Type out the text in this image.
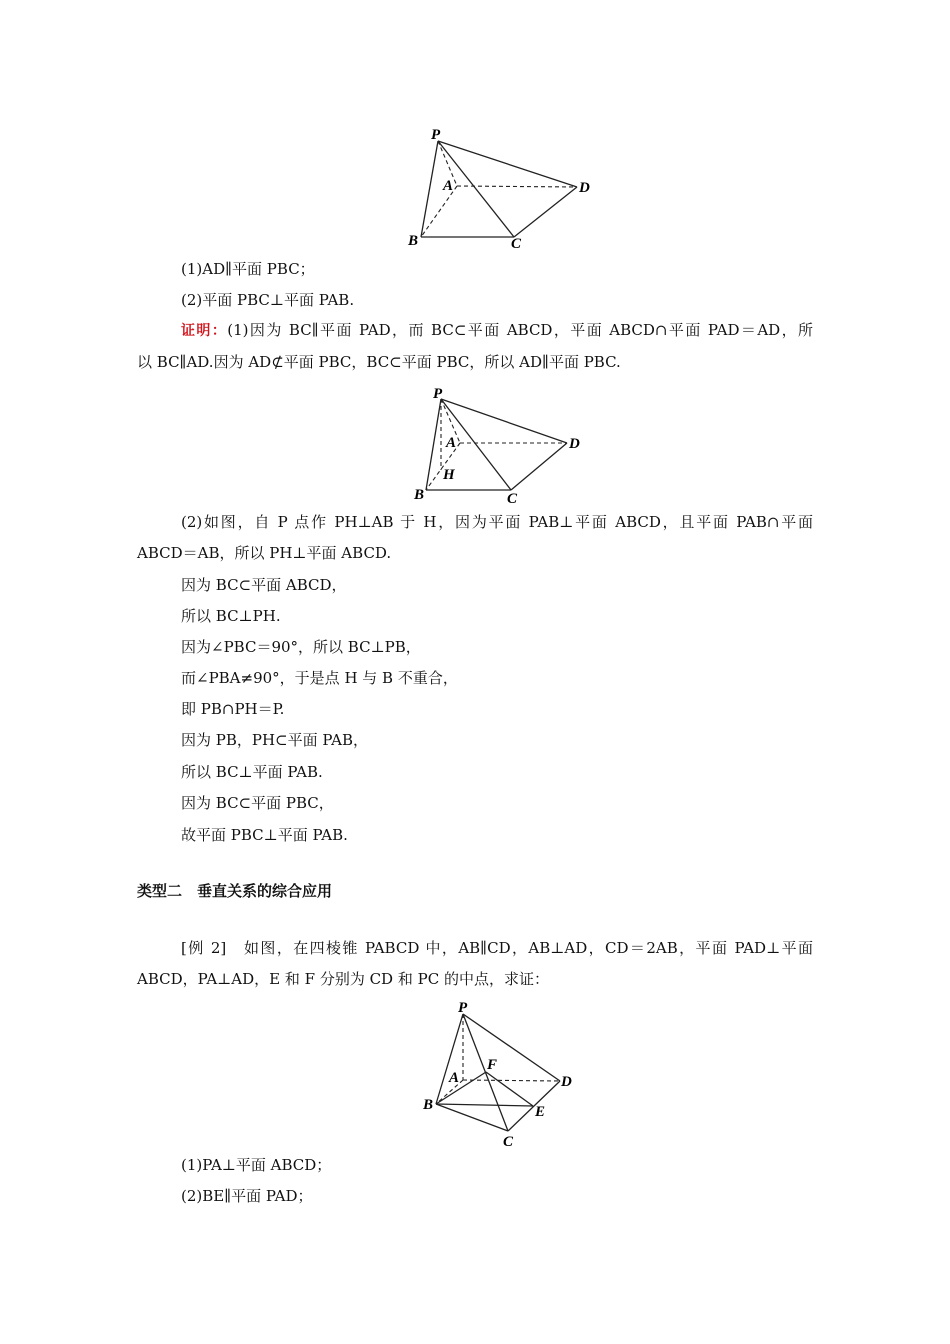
P
A	D
B	C
(1)AD∥平面 PBC；
(2)平面 PBC⊥平面 PAB.
证明：(1)因为 BC∥平面 PAD，而 BC⊂平面 ABCD，平面 ABCD∩平面 PAD＝AD，所
以 BC∥AD.因为 AD⊄平面 PBC，BC⊂平面 PBC，所以 AD∥平面 PBC.
P
A	D
H
B	C
(2)如图，自 P 点作 PH⊥AB 于 H，因为平面 PAB⊥平面 ABCD，且平面 PAB∩平面
ABCD＝AB，所以 PH⊥平面 ABCD.
因为 BC⊂平面 ABCD，
所以 BC⊥PH.
因为∠PBC＝90°，所以 BC⊥PB，
而∠PBA≠90°，于是点 H 与 B 不重合，
即 PB∩PH＝P.
因为 PB，PH⊂平面 PAB，
所以 BC⊥平面 PAB.
因为 BC⊂平面 PBC，
故平面 PBC⊥平面 PAB.
类型二　垂直关系的综合应用
[例 2]　如图，在四棱锥 PABCD 中，AB∥CD，AB⊥AD，CD＝2AB，平面 PAD⊥平面
ABCD，PA⊥AD，E 和 F 分别为 CD 和 PC 的中点，求证：
P
F
A	D
B	E
C
(1)PA⊥平面 ABCD；
(2)BE∥平面 PAD；
